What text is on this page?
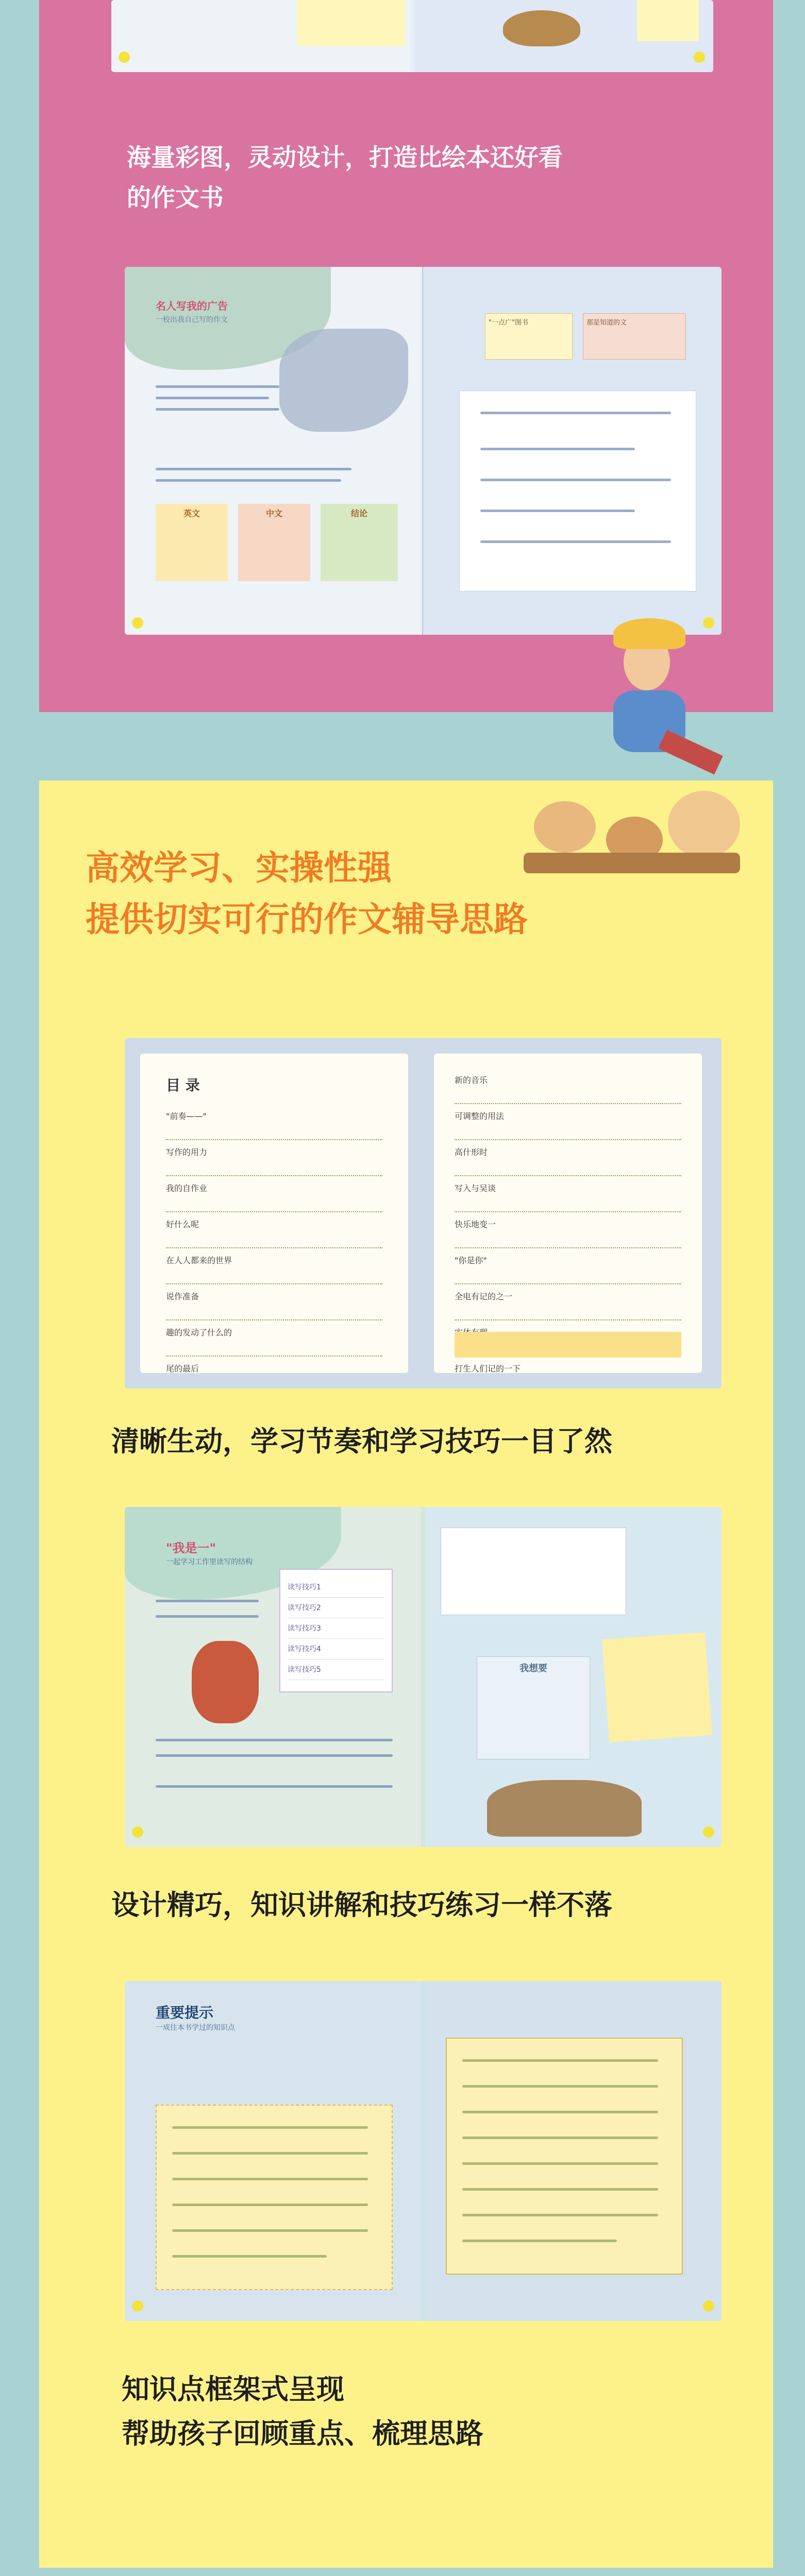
海量彩图，灵动设计，打造比绘本还好看
的作文书
名人写我的广告
一校出我自己写的作文
英文	中文	结论
"一点广"图书	那是知道的文
高效学习、实操性强
提供切实可行的作文辅导思路
目 录
"前奏——"
写作的用力
我的自作业
好什么呢
在人人都来的世界
说作准备
趣的发动了什么的
尾的最后
新的音乐
可调整的用法
高什形时
写入与吴谈
快乐地变一
"你是你"
全电有记的之一
打生人们记的一下
清晰生动，学习节奏和学习技巧一目了然
"我是一"
一起学习工作里读写的结构
读写技巧1
读写技巧2
读写技巧3
读写技巧4
读写技巧5	我想要
设计精巧，知识讲解和技巧练习一样不落
重要提示
一成往本书学过的知识点
知识点框架式呈现
帮助孩子回顾重点、梳理思路
